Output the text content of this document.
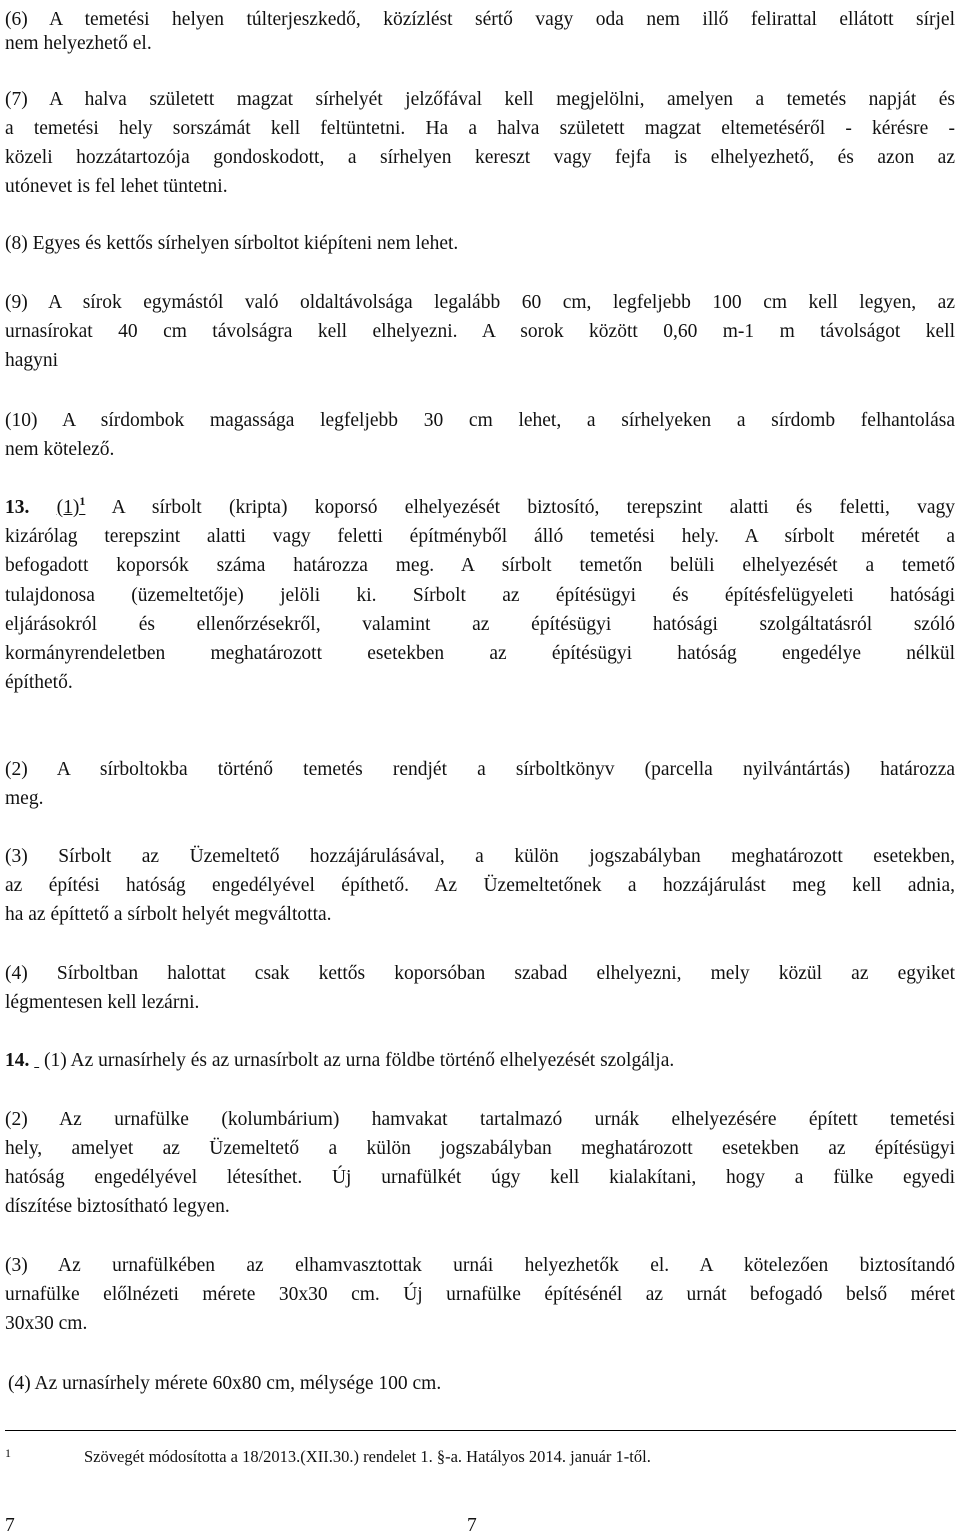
(6) A temetési helyen túlterjeszkedő, közízlést sértő vagy oda nem illő felirattal ellátott sírjel

nem helyezhető el.

(7) A halva született magzat sírhelyét jelzőfával kell megjelölni, amelyen a temetés napját és

a temetési hely sorszámát kell feltüntetni. Ha a halva született magzat eltemetéséről - kérésre -

közeli hozzátartozója gondoskodott, a sírhelyen kereszt vagy fejfa is elhelyezhető, és azon az

utónevet is fel lehet tüntetni.

(8) Egyes és kettős sírhelyen sírboltot kiépíteni nem lehet.

(9) A sírok egymástól való oldaltávolsága legalább 60 cm, legfeljebb 100 cm kell legyen, az

urnasírokat 40 cm távolságra kell elhelyezni. A sorok között 0,60 m-1 m távolságot kell

hagyni

(10) A sírdombok magassága legfeljebb 30 cm lehet, a sírhelyeken a sírdomb felhantolása

nem kötelező.

13. $(1)^1$ A sírbolt (kripta) koporsó elhelyezését biztosító, terepszint alatti és feletti, vagy

kizárólag terepszint alatti vagy feletti építményből álló temetési hely. A sírbolt méretét a

befogadott koporsók száma határozza meg. A sírbolt temetőn belüli elhelyezését a temető

tulajdonosa (üzemeltetője) jelöli ki. Sírbolt az építésügyi és építésfelügyeleti hatósági

eljárásokról és ellenőrzésekről, valamint az építésügyi hatósági szolgáltatásról szóló

kormányrendeletben meghatározott esetekben az építésügyi hatóság engedélye nélkül

építhető.

(2) A sírboltokba történő temetés rendjét a sírboltkönyv (parcella nyilvántártás) határozza

meg.

(3) Sírbolt az Üzemeltető hozzájárulásával, a külön jogszabályban meghatározott esetekben,

az építési hatóság engedélyével építhető. Az Üzemeltetőnek a hozzájárulást meg kell adnia,

ha az építtető a sírbolt helyét megváltotta.

(4) Sírboltban halottat csak kettős koporsóban szabad elhelyezni, mely közül az egyiket

légmentesen kell lezárni.

14. (1) Az urnasírhely és az urnasírbolt az urna földbe történő elhelyezését szolgálja.

(2) Az urnafülke (kolumbárium) hamvakat tartalmazó urnák elhelyezésére épített temetési

hely, amelyet az Üzemeltető a külön jogszabályban meghatározott esetekben az építésügyi

hatóság engedélyével létesíthet. Új urnafülkét úgy kell kialakítani, hogy a fülke egyedi

díszítése biztosítható legyen.

(3) Az urnafülkében az elhamvasztottak urnái helyezhetők el. A kötelezően biztosítandó

urnafülke előlnézeti mérete 30x30 cm. Új urnafülke építésénél az urnát befogadó belső méret

30x30 cm.

(4) Az urnasírhely mérete 60x80 cm, mélysége 100 cm.

1	Szövegét módosította a 18/2013.(XII.30.) rendelet 1. §-a. Hatályos 2014. január 1-től.
7	7
